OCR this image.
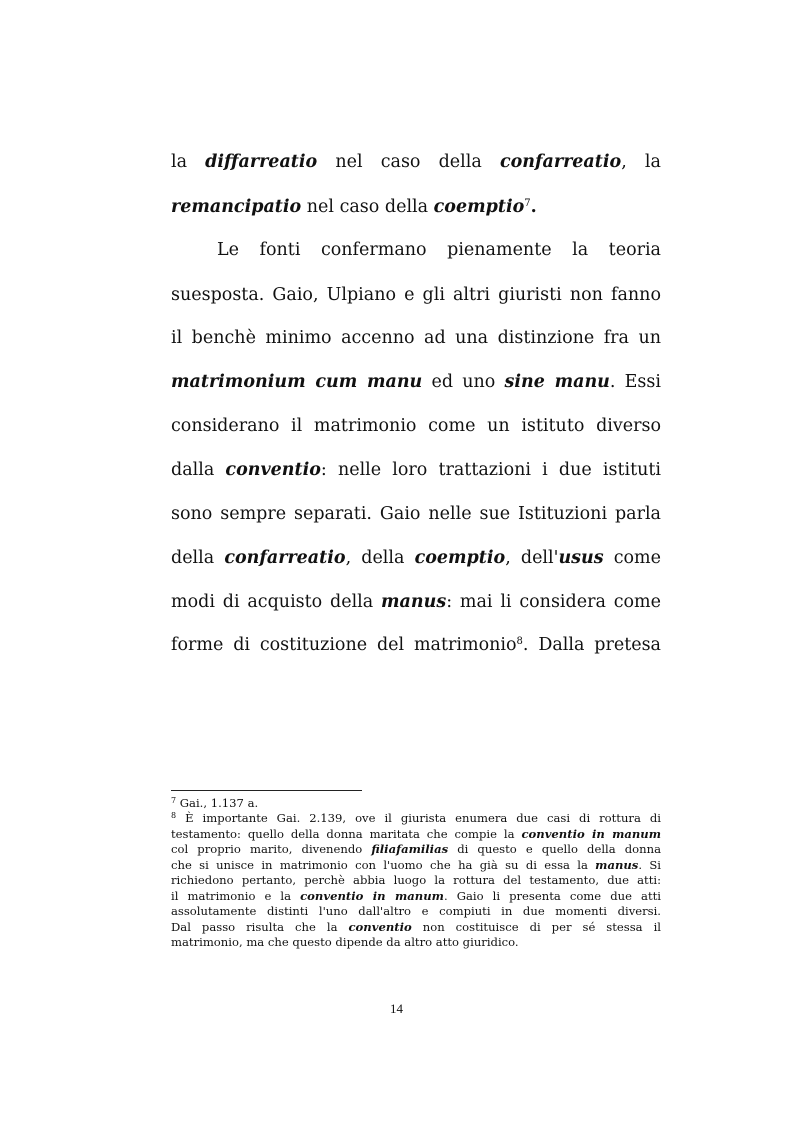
la diffarreatio nel caso della confarreatio, la
remancipatio nel caso della coemptio$^7$.
Le fonti confermano pienamente la teoria
suesposta. Gaio, Ulpiano e gli altri giuristi non fanno
il benchè minimo accenno ad una distinzione fra un
matrimonium cum manu ed uno sine manu. Essi
considerano il matrimonio come un istituto diverso
dalla conventio: nelle loro trattazioni i due istituti
sono sempre separati. Gaio nelle sue Istituzioni parla
della confarreatio, della coemptio, dell'usus come
modi di acquisto della manus: mai li considera come
forme di costituzione del matrimonio$^8$. Dalla pretesa
$^7$ Gai., 1.137 a.
$^8$ È importante Gai. 2.139, ove il giurista enumera due casi di rottura di
testamento: quello della donna maritata che compie la conventio in manum
col proprio marito, divenendo filiafamilias di questo e quello della donna
che si unisce in matrimonio con l'uomo che ha già su di essa la manus. Si
richiedono pertanto, perchè abbia luogo la rottura del testamento, due atti:
il matrimonio e la conventio in manum. Gaio li presenta come due atti
assolutamente distinti l'uno dall'altro e compiuti in due momenti diversi.
Dal passo risulta che la conventio non costituisce di per sé stessa il
matrimonio, ma che questo dipende da altro atto giuridico.
14
